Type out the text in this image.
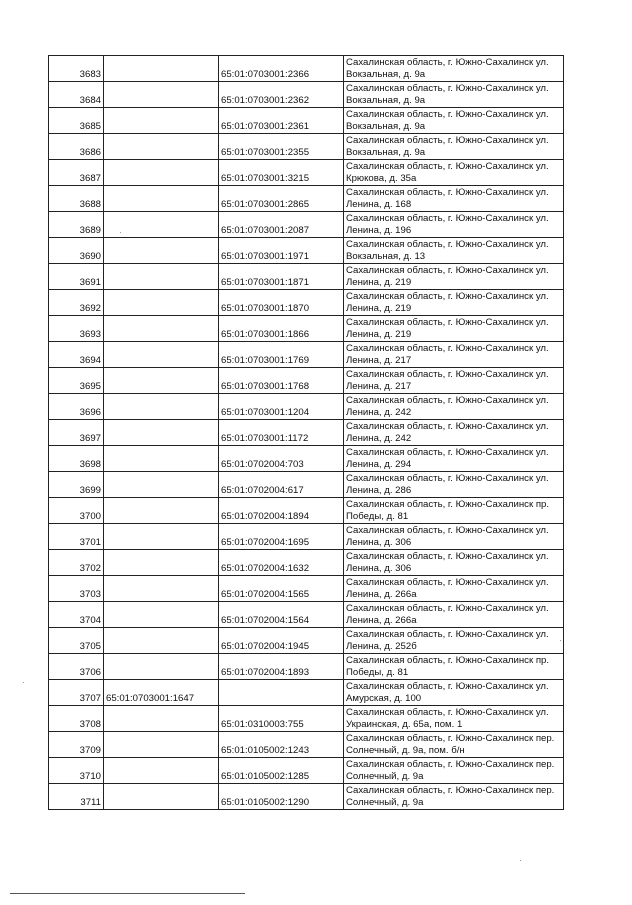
3683		65:01:0703001:2366	Сахалинская область, г. Южно-Сахалинск ул.
Вокзальная, д. 9а

3684		65:01:0703001:2362	Сахалинская область, г. Южно-Сахалинск ул.
Вокзальная, д. 9а

3685		65:01:0703001:2361	Сахалинская область, г. Южно-Сахалинск ул.
Вокзальная, д. 9а

3686		65:01:0703001:2355	Сахалинская область, г. Южно-Сахалинск ул.
Вокзальная, д. 9а

3687		65:01:0703001:3215	Сахалинская область, г. Южно-Сахалинск ул.
Крюкова, д. 35а

3688		65:01:0703001:2865	Сахалинская область, г. Южно-Сахалинск ул.
Ленина, д. 168

3689		65:01:0703001:2087	Сахалинская область, г. Южно-Сахалинск ул.
Ленина, д. 196

3690		65:01:0703001:1971	Сахалинская область, г. Южно-Сахалинск ул.
Вокзальная, д. 13

3691		65:01:0703001:1871	Сахалинская область, г. Южно-Сахалинск ул.
Ленина, д. 219

3692		65:01:0703001:1870	Сахалинская область, г. Южно-Сахалинск ул.
Ленина, д. 219

3693		65:01:0703001:1866	Сахалинская область, г. Южно-Сахалинск ул.
Ленина, д. 219

3694		65:01:0703001:1769	Сахалинская область, г. Южно-Сахалинск ул.
Ленина, д. 217

3695		65:01:0703001:1768	Сахалинская область, г. Южно-Сахалинск ул.
Ленина, д. 217

3696		65:01:0703001:1204	Сахалинская область, г. Южно-Сахалинск ул.
Ленина, д. 242

3697		65:01:0703001:1172	Сахалинская область, г. Южно-Сахалинск ул.
Ленина, д. 242

3698		65:01:0702004:703	Сахалинская область, г. Южно-Сахалинск ул.
Ленина, д. 294

3699		65:01:0702004:617	Сахалинская область, г. Южно-Сахалинск ул.
Ленина, д. 286

3700		65:01:0702004:1894	Сахалинская область, г. Южно-Сахалинск пр.
Победы, д. 81

3701		65:01:0702004:1695	Сахалинская область, г. Южно-Сахалинск ул.
Ленина, д. 306

3702		65:01:0702004:1632	Сахалинская область, г. Южно-Сахалинск ул.
Ленина, д. 306

3703		65:01:0702004:1565	Сахалинская область, г. Южно-Сахалинск ул.
Ленина, д. 266а

3704		65:01:0702004:1564	Сахалинская область, г. Южно-Сахалинск ул.
Ленина, д. 266а

3705		65:01:0702004:1945	Сахалинская область, г. Южно-Сахалинск ул.
Ленина, д. 252б

3706		65:01:0702004:1893	Сахалинская область, г. Южно-Сахалинск пр.
Победы, д. 81

3707	65:01:0703001:1647		Сахалинская область, г. Южно-Сахалинск ул.
Амурская, д. 100

3708		65:01:0310003:755	Сахалинская область, г. Южно-Сахалинск ул.
Украинская, д. 65а, пом. 1

3709		65:01:0105002:1243	Сахалинская область, г. Южно-Сахалинск пер.
Солнечный, д. 9а, пом. б/н

3710		65:01:0105002:1285	Сахалинская область, г. Южно-Сахалинск пер.
Солнечный, д. 9а

3711		65:01:0105002:1290	Сахалинская область, г. Южно-Сахалинск пер.
Солнечный, д. 9а
